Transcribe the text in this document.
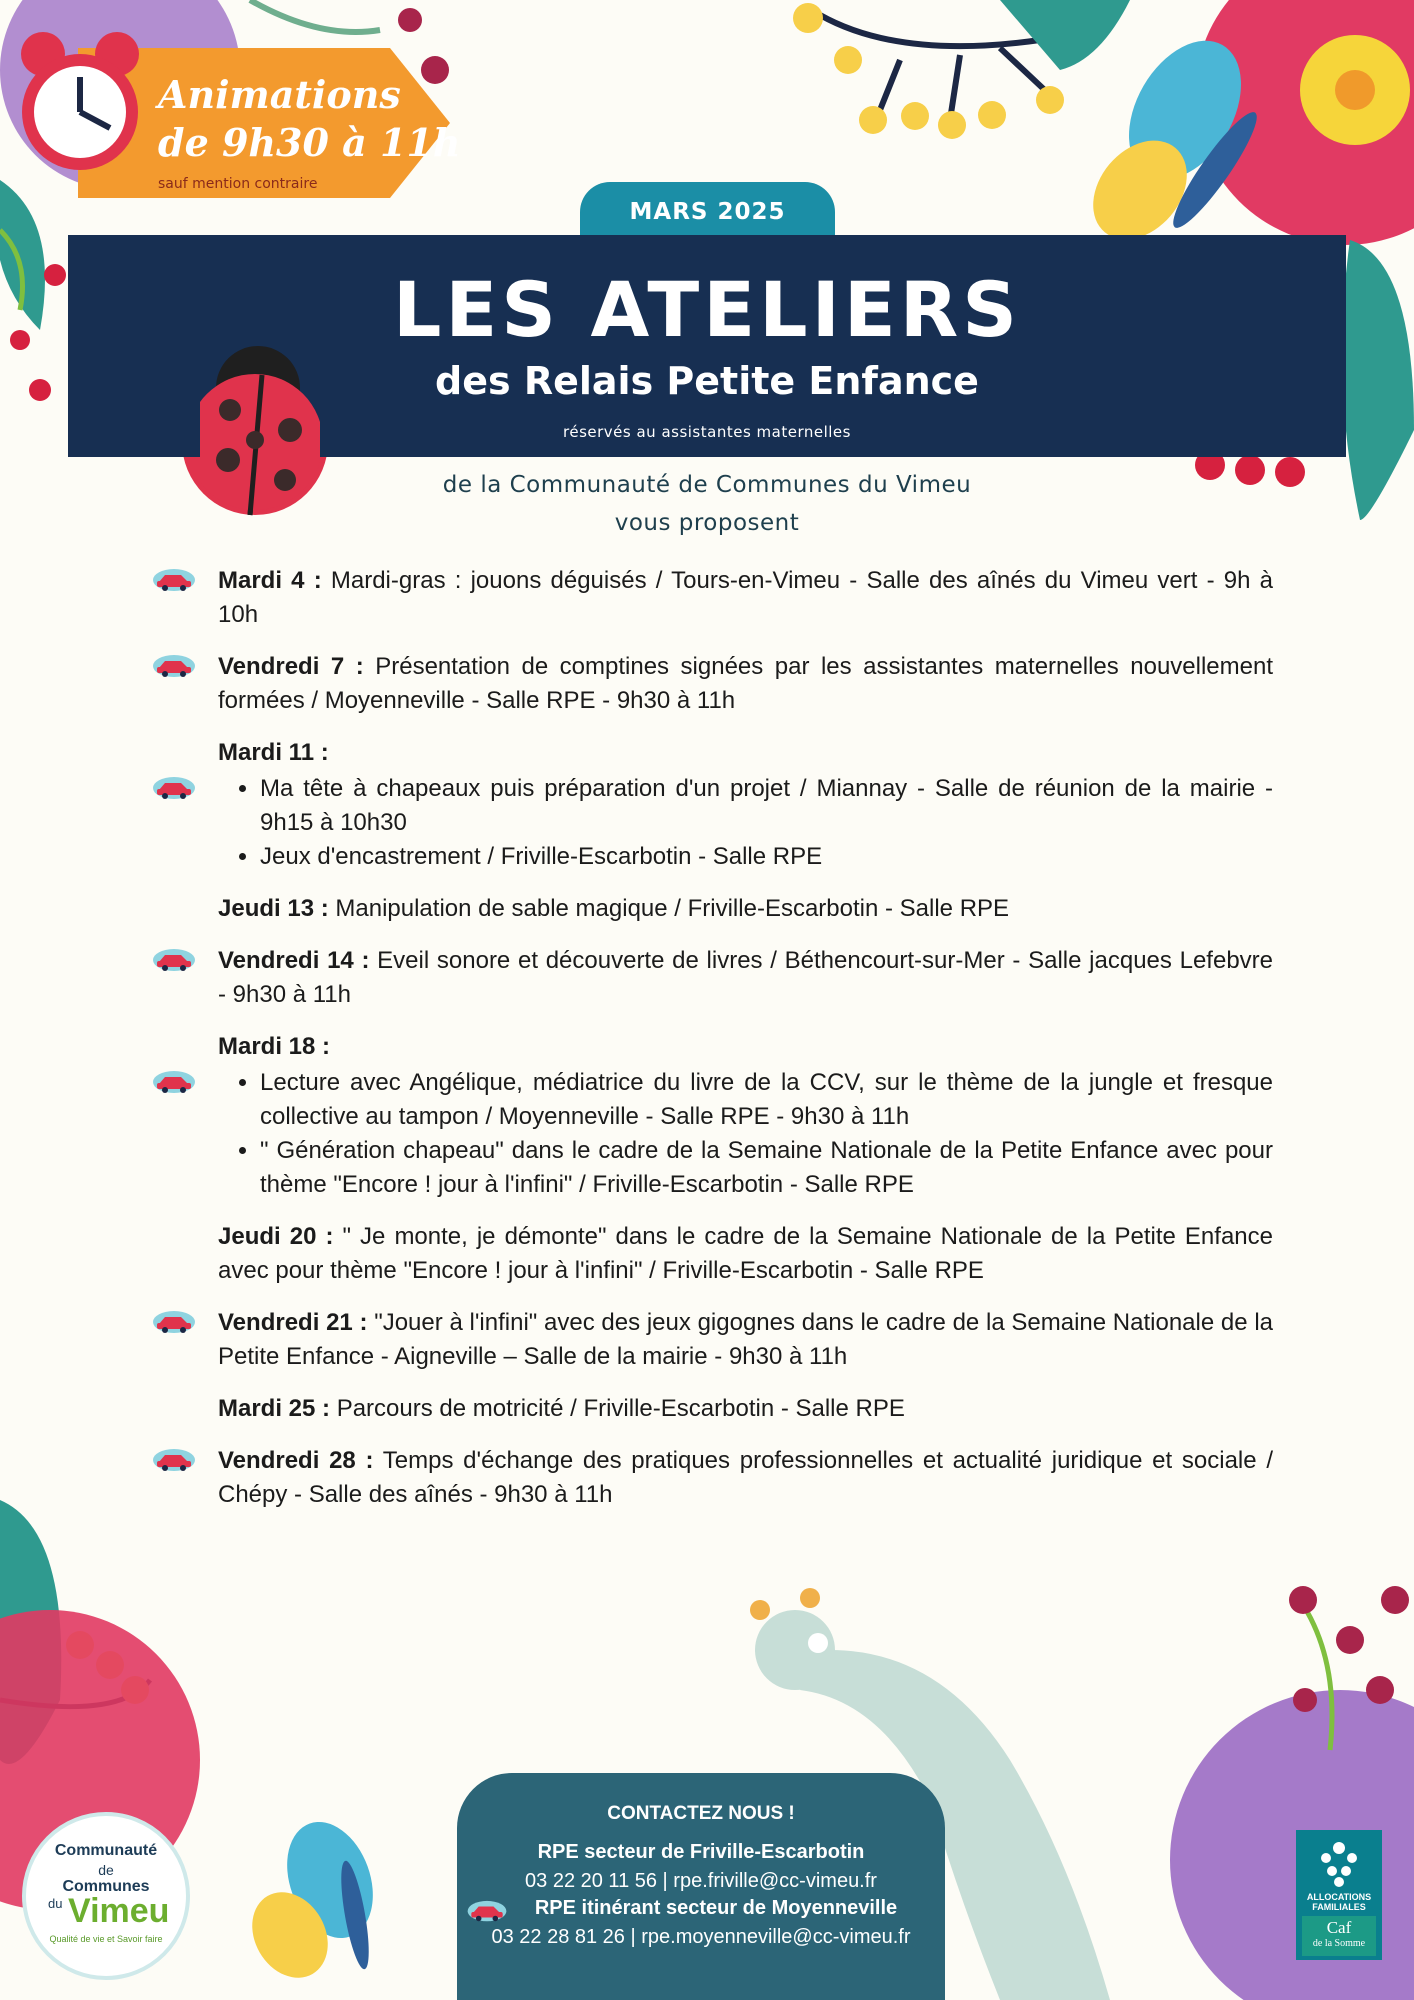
Animations
de 9h30 à 11h
sauf mention contraire
MARS 2025
LES ATELIERS
des Relais Petite Enfance
réservés au assistantes maternelles
de la Communauté de Communes du Vimeu
vous proposent
Mardi 4 : Mardi-gras : jouons déguisés / Tours-en-Vimeu - Salle des aînés du Vimeu vert - 9h à 10h
Vendredi 7 : Présentation de comptines signées par les assistantes maternelles nouvellement formées / Moyenneville - Salle RPE - 9h30 à 11h
Mardi 11 :
• Ma tête à chapeaux puis préparation d'un projet / Miannay - Salle de réunion de la mairie - 9h15 à 10h30
• Jeux d'encastrement / Friville-Escarbotin - Salle RPE
Jeudi 13 : Manipulation de sable magique / Friville-Escarbotin - Salle RPE
Vendredi 14 : Eveil sonore et découverte de livres / Béthencourt-sur-Mer - Salle jacques Lefebvre - 9h30 à 11h
Mardi 18 :
• Lecture avec Angélique, médiatrice du livre de la CCV, sur le thème de la jungle et fresque collective au tampon / Moyenneville - Salle RPE - 9h30 à 11h
• " Génération chapeau" dans le cadre de la Semaine Nationale de la Petite Enfance avec pour thème "Encore ! jour à l'infini" / Friville-Escarbotin - Salle RPE
Jeudi 20 : " Je monte, je démonte" dans le cadre de la Semaine Nationale de la Petite Enfance avec pour thème "Encore ! jour à l'infini" / Friville-Escarbotin - Salle RPE
Vendredi 21 : "Jouer à l'infini" avec des jeux gigognes dans le cadre de la Semaine Nationale de la Petite Enfance - Aigneville – Salle de la mairie - 9h30 à 11h
Mardi 25 : Parcours de motricité / Friville-Escarbotin - Salle RPE
Vendredi 28 : Temps d'échange des pratiques professionnelles et actualité juridique et sociale / Chépy - Salle des aînés - 9h30 à 11h
CONTACTEZ NOUS !
RPE secteur de Friville-Escarbotin
03 22 20 11 56 | rpe.friville@cc-vimeu.fr
RPE itinérant secteur de Moyenneville
03 22 28 81 26 | rpe.moyenneville@cc-vimeu.fr
Communauté
de
Communes
du Vimeu
Qualité de vie et Savoir faire
ALLOCATIONS FAMILIALES
Caf
de la Somme
